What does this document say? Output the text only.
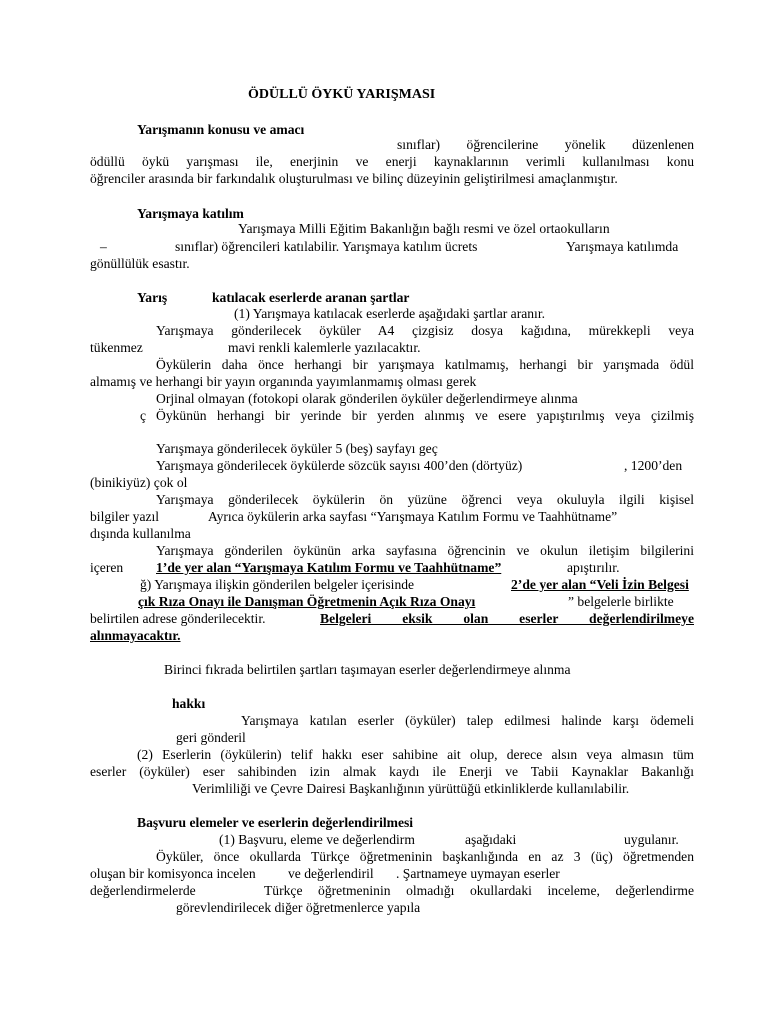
ÖDÜLLÜ ÖYKÜ YARIŞMASI
Yarışmanın konusu ve amacı
sınıflar) öğrencilerine yönelik düzenlenen
ödüllü öykü yarışması ile, enerjinin ve enerji kaynaklarının verimli kullanılması konu
öğrenciler arasında bir farkındalık oluşturulması ve bilinç düzeyinin geliştirilmesi amaçlanmıştır.
Yarışmaya katılım
Yarışmaya Milli Eğitim Bakanlığın bağlı resmi ve özel ortaokulların
–	sınıflar) öğrencileri katılabilir. Yarışmaya katılım ücrets	Yarışmaya katılımda
gönüllülük esastır.
Yarış	katılacak eserlerde aranan şartlar
(1) Yarışmaya katılacak eserlerde aşağıdaki şartlar aranır.
Yarışmaya gönderilecek öyküler A4 çizgisiz dosya kağıdına, mürekkepli veya
tükenmez	mavi renkli kalemlerle yazılacaktır.
Öykülerin daha önce herhangi bir yarışmaya katılmamış, herhangi bir yarışmada ödül
almamış ve herhangi bir yayın organında yayımlanmamış olması gerek
Orjinal olmayan (fotokopi olarak gönderilen öyküler değerlendirmeye alınma
ç Öykünün herhangi bir yerinde bir yerden alınmış ve esere yapıştırılmış veya çizilmiş
Yarışmaya gönderilecek öyküler 5 (beş) sayfayı geç
Yarışmaya gönderilecek öykülerde sözcük sayısı 400’den (dörtyüz)	, 1200’den
(binikiyüz) çok ol
Yarışmaya gönderilecek öykülerin ön yüzüne öğrenci veya okuluyla ilgili kişisel
bilgiler yazıl	Ayrıca öykülerin arka sayfası “Yarışmaya Katılım Formu ve Taahhütname”
dışında kullanılma
Yarışmaya gönderilen öykünün arka sayfasına öğrencinin ve okulun iletişim bilgilerini
içeren	1’de yer alan “Yarışmaya Katılım Formu ve Taahhütname”	apıştırılır.
ğ) Yarışmaya ilişkin gönderilen belgeler içerisinde	2’de yer alan “Veli İzin Belgesi
çık Rıza Onayı ile Danışman Öğretmenin Açık Rıza Onayı	” belgelerle birlikte
belirtilen adrese gönderilecektir.	Belgeleri eksik olan eserler değerlendirilmeye
alınmayacaktır.
Birinci fıkrada belirtilen şartları taşımayan eserler değerlendirmeye alınma
hakkı
Yarışmaya katılan eserler (öyküler) talep edilmesi halinde karşı ödemeli
geri gönderil
(2) Eserlerin (öykülerin) telif hakkı eser sahibine ait olup, derece alsın veya almasın tüm
eserler (öyküler) eser sahibinden izin almak kaydı ile Enerji ve Tabii Kaynaklar Bakanlığı
Verimliliği ve Çevre Dairesi Başkanlığının yürüttüğü etkinliklerde kullanılabilir.
Başvuru elemeler ve eserlerin değerlendirilmesi
(1) Başvuru, eleme ve değerlendirm	aşağıdaki	uygulanır.
Öyküler, önce okullarda Türkçe öğretmeninin başkanlığında en az 3 (üç) öğretmenden
oluşan bir komisyonca incelen ve değerlendiril . Şartnameye uymayan eserler
değerlendirmelerde	Türkçe öğretmeninin olmadığı okullardaki inceleme, değerlendirme
görevlendirilecek diğer öğretmenlerce yapıla
